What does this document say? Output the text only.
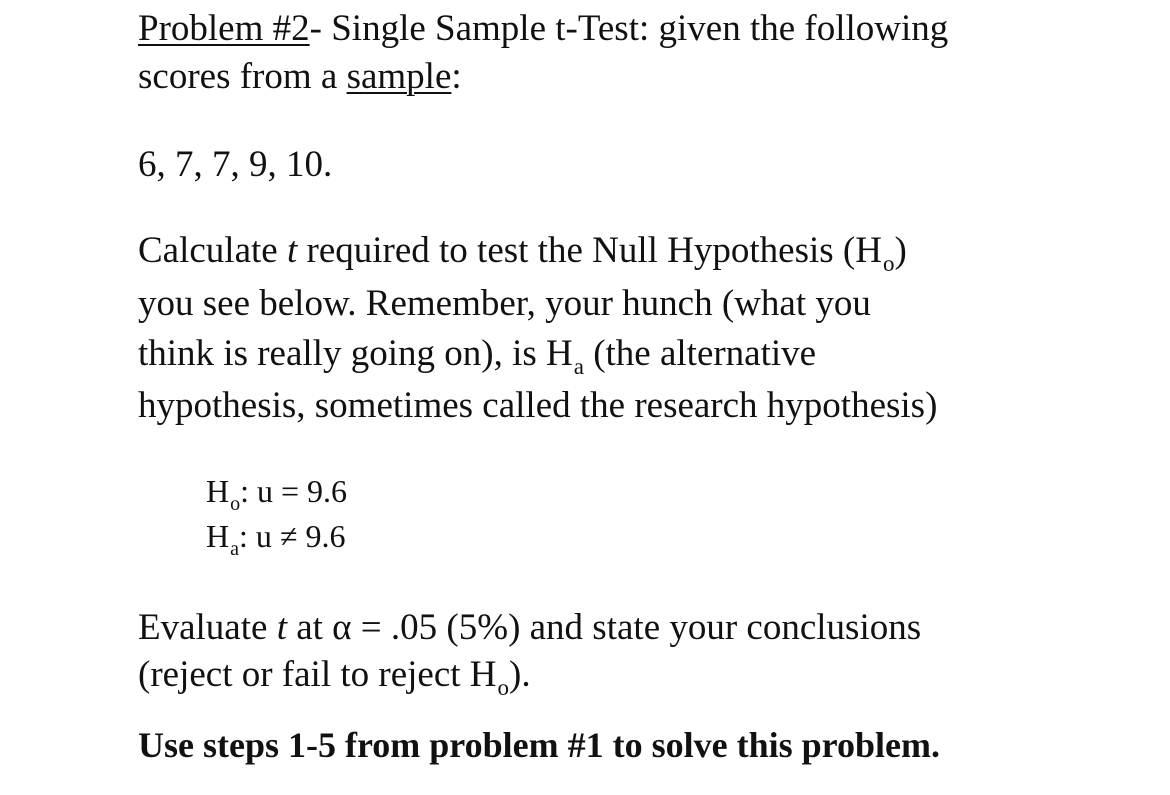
Problem #2- Single Sample t-Test: given the following

scores from a sample:

6, 7, 7, 9, 10.

Calculate t required to test the Null Hypothesis $(H_o)$

you see below. Remember, your hunch (what you

think is really going on), is $H_a$ (the alternative

hypothesis, sometimes called the research hypothesis)

$H_o$: u = 9.6

$H_a$: u ≠ 9.6

Evaluate t at α = .05 (5%) and state your conclusions

(reject or fail to reject $H_o$).

Use steps 1-5 from problem #1 to solve this problem.
